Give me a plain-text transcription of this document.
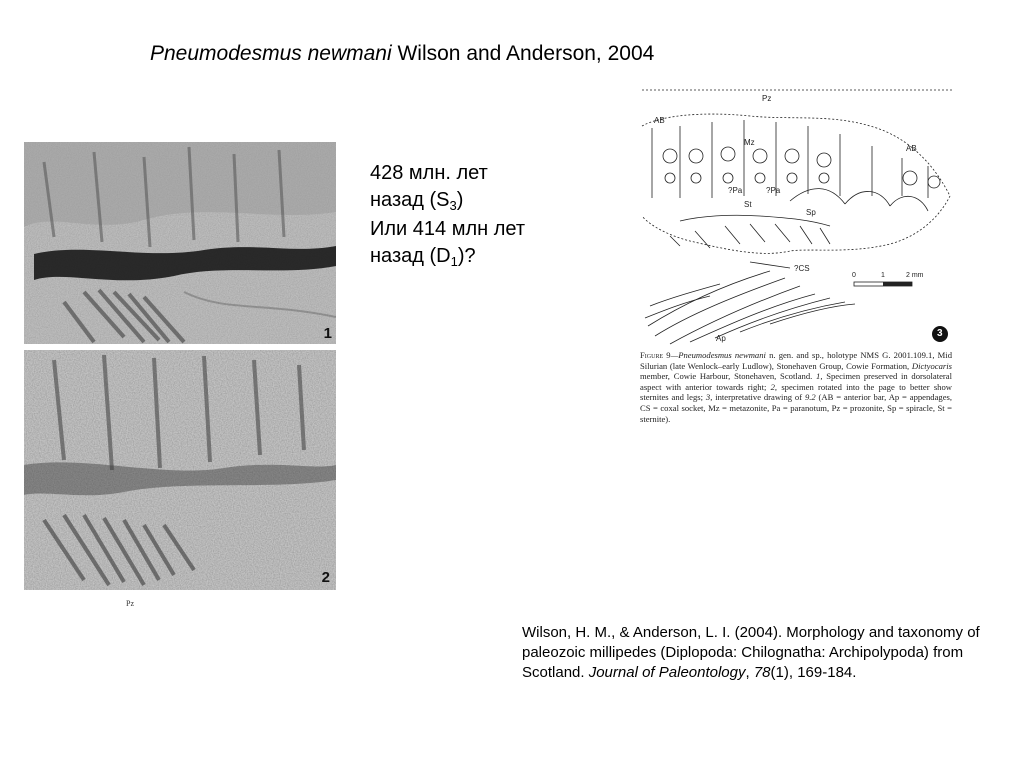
Pneumodesmus newmani Wilson and Anderson, 2004
428 млн. лет
назад $(S_3)$
Или 414 млн лет
назад $(D_1)$?
1
2
Pz
Pz
AB
AB
Mz
?Pa	?Pa
St
Sp
?CS
Ap
0	1	2 mm
3
Figure 9—Pneumodesmus newmani n. gen. and sp., holotype NMS G. 2001.109.1, Mid Silurian (late Wenlock–early Ludlow), Stonehaven Group, Cowie Formation, Dictyocaris member, Cowie Harbour, Stonehaven, Scotland. 1, Specimen preserved in dorsolateral aspect with anterior towards right; 2, specimen rotated into the page to better show sternites and legs; 3, interpretative drawing of 9.2 (AB = anterior bar, Ap = appendages, CS = coxal socket, Mz = metazonite, Pa = paranotum, Pz = prozonite, Sp = spiracle, St = sternite).
Wilson, H. M., & Anderson, L. I. (2004). Morphology and taxonomy of paleozoic millipedes (Diplopoda: Chilognatha: Archipolypoda) from Scotland. Journal of Paleontology, 78(1), 169-184.
